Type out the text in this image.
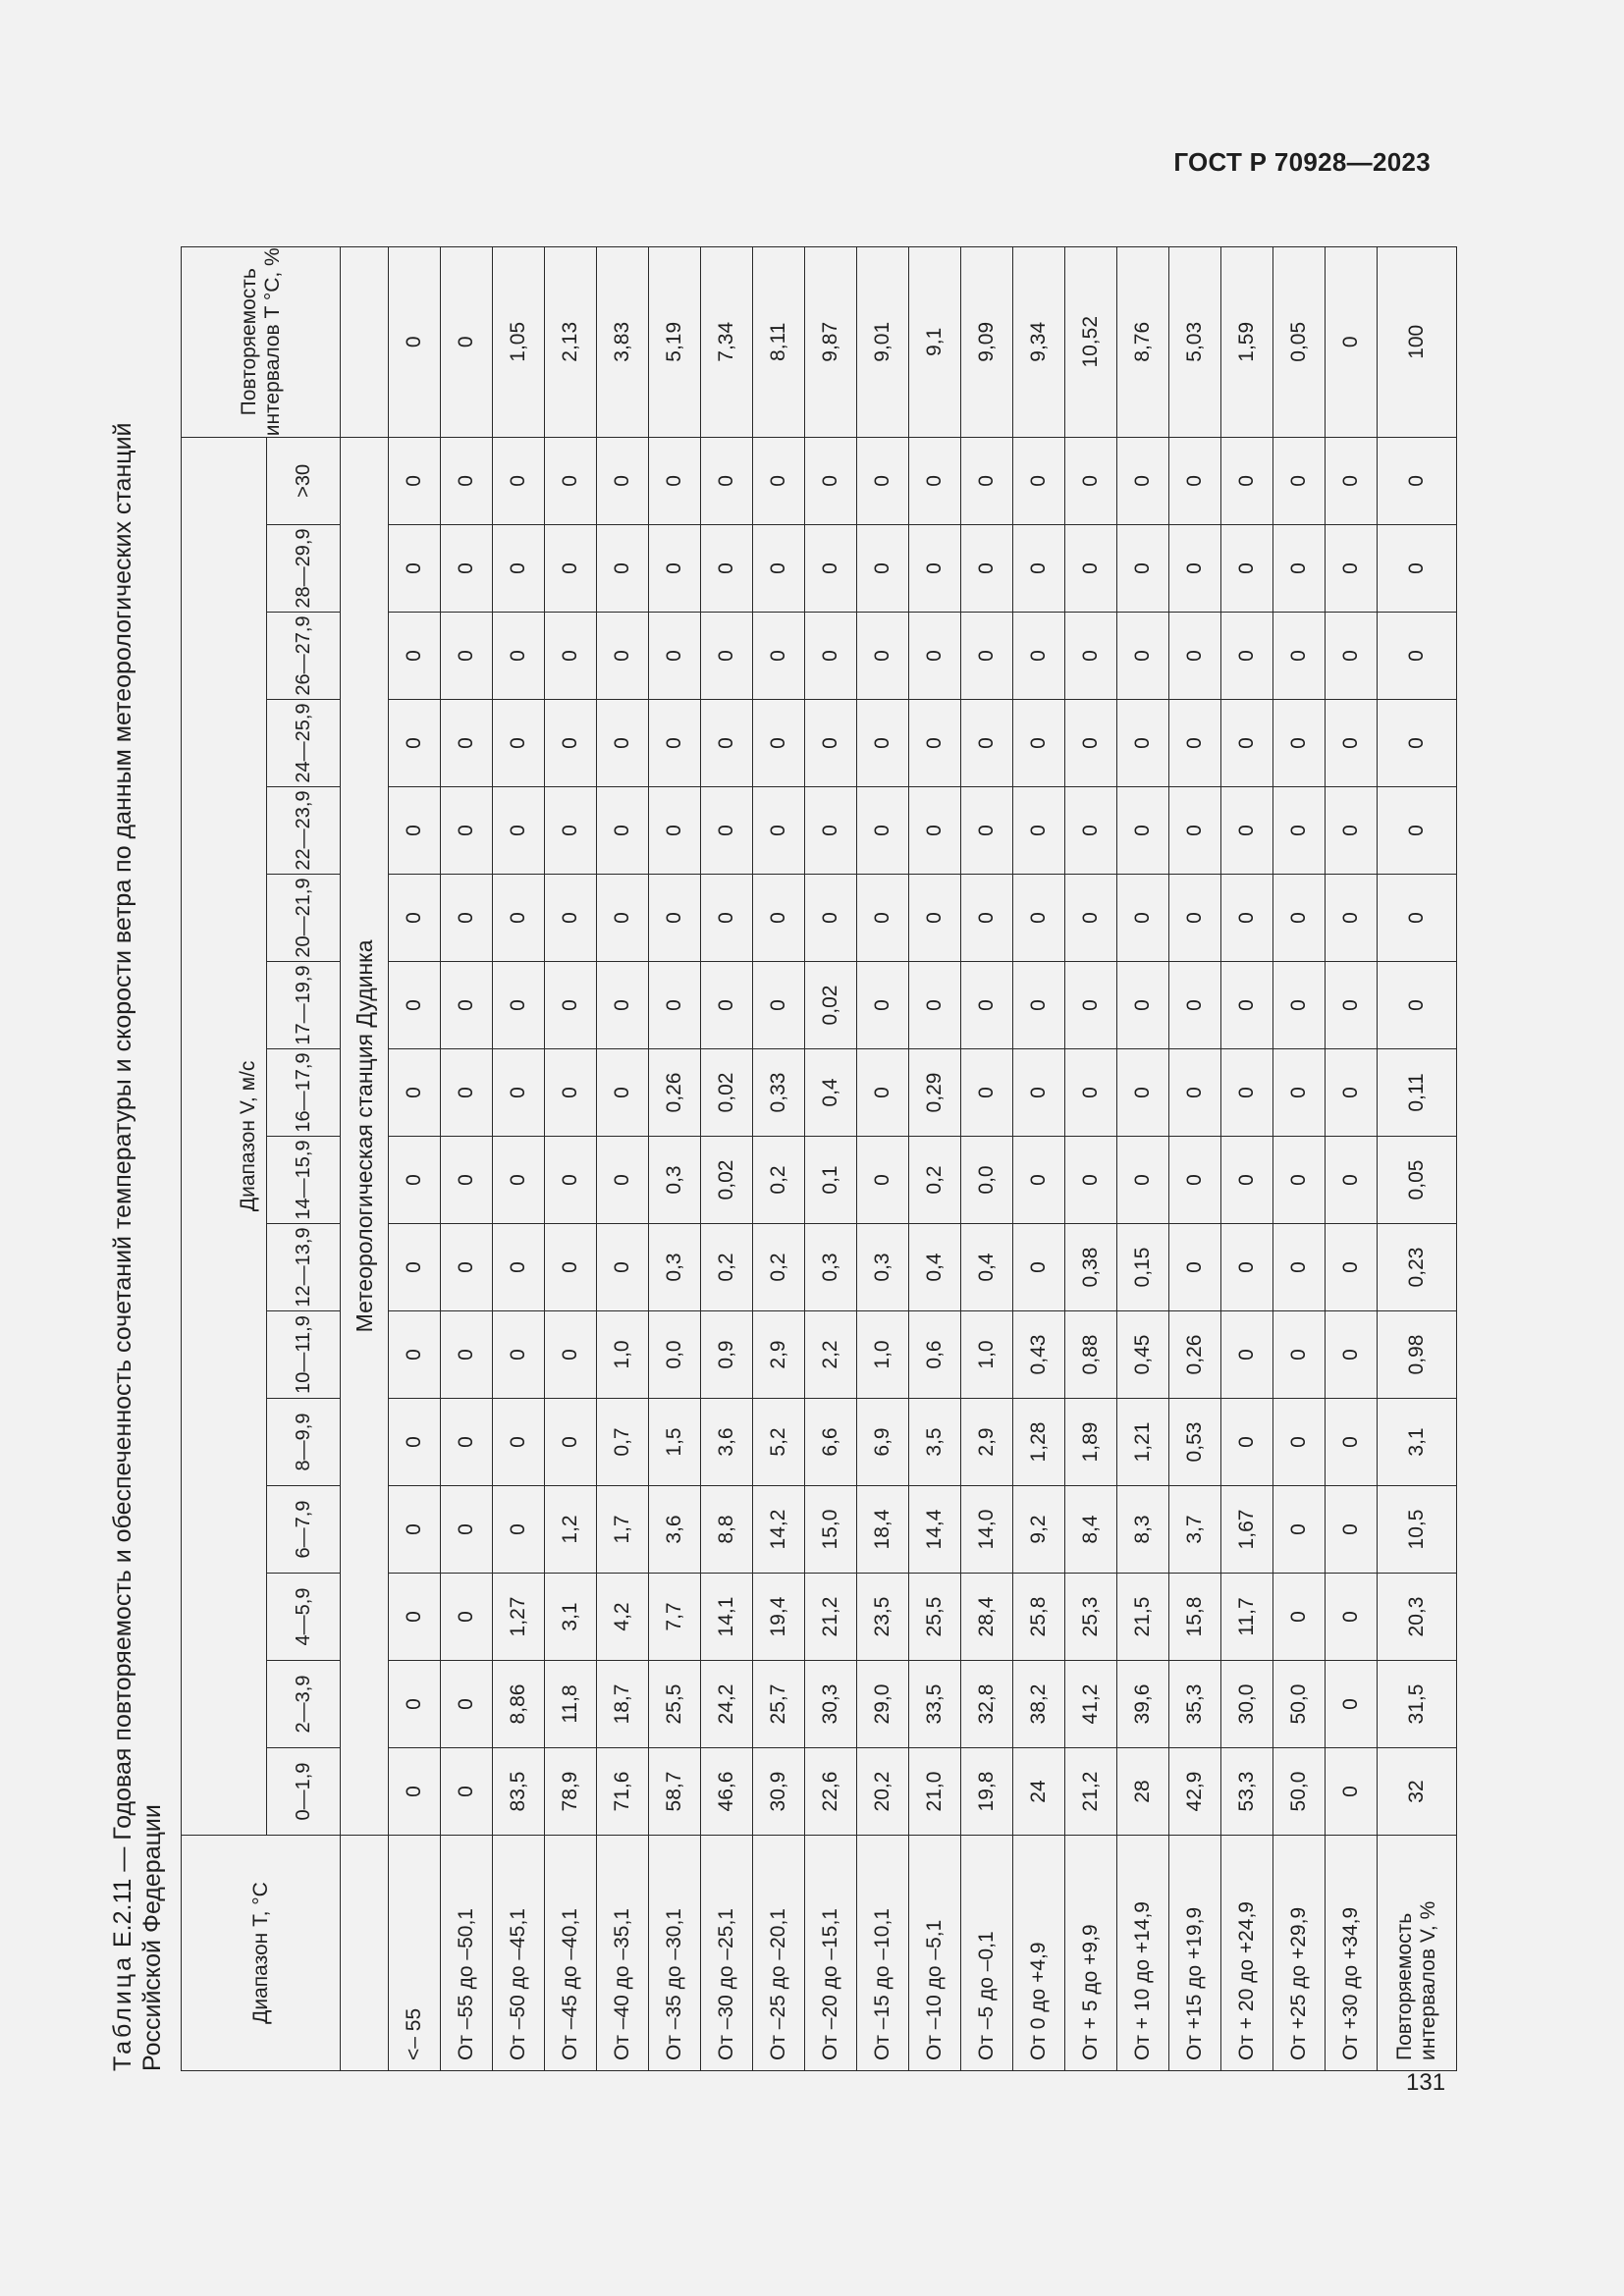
ГОСТ Р 70928—2023
Таблица Е.2.11 — Годовая повторяемость и обеспеченность сочетаний температуры и скорости ветра по данным метеорологических станций Российской Федерации	Диапазон T, °C	Диапазон V, м/с																Повторяемость интервалов T °C, %
	0—1,9	2—3,9	4—5,9	6—7,9	8—9,9	10—11,9	12—13,9	14—15,9	16—17,9	17—19,9	20—21,9	22—23,9	24—25,9	26—27,9	28—29,9	>30	
	Метеорологическая станция Дудинка																
<– 55	0	0	0	0	0	0	0	0	0	0	0	0	0	0	0	0	0
От –55 до –50,1	0	0	0	0	0	0	0	0	0	0	0	0	0	0	0	0	0
От –50 до –45,1	83,5	8,86	1,27	0	0	0	0	0	0	0	0	0	0	0	0	0	1,05
От –45 до –40,1	78,9	11,8	3,1	1,2	0	0	0	0	0	0	0	0	0	0	0	0	2,13
От –40 до –35,1	71,6	18,7	4,2	1,7	0,7	1,0	0	0	0	0	0	0	0	0	0	0	3,83
От –35 до –30,1	58,7	25,5	7,7	3,6	1,5	0,0	0,3	0,3	0,26	0	0	0	0	0	0	0	5,19
От –30 до –25,1	46,6	24,2	14,1	8,8	3,6	0,9	0,2	0,02	0,02	0	0	0	0	0	0	0	7,34
От –25 до –20,1	30,9	25,7	19,4	14,2	5,2	2,9	0,2	0,2	0,33	0	0	0	0	0	0	0	8,11
От –20 до –15,1	22,6	30,3	21,2	15,0	6,6	2,2	0,3	0,1	0,4	0,02	0	0	0	0	0	0	9,87
От –15 до –10,1	20,2	29,0	23,5	18,4	6,9	1,0	0,3	0	0	0	0	0	0	0	0	0	9,01
От –10 до –5,1	21,0	33,5	25,5	14,4	3,5	0,6	0,4	0,2	0,29	0	0	0	0	0	0	0	9,1
От –5 до –0,1	19,8	32,8	28,4	14,0	2,9	1,0	0,4	0,0	0	0	0	0	0	0	0	0	9,09
От 0 до +4,9	24	38,2	25,8	9,2	1,28	0,43	0	0	0	0	0	0	0	0	0	0	9,34
От + 5 до +9,9	21,2	41,2	25,3	8,4	1,89	0,88	0,38	0	0	0	0	0	0	0	0	0	10,52
От + 10 до +14,9	28	39,6	21,5	8,3	1,21	0,45	0,15	0	0	0	0	0	0	0	0	0	8,76
От +15 до +19,9	42,9	35,3	15,8	3,7	0,53	0,26	0	0	0	0	0	0	0	0	0	0	5,03
От + 20 до +24,9	53,3	30,0	11,7	1,67	0	0	0	0	0	0	0	0	0	0	0	0	1,59
От +25 до +29,9	50,0	50,0	0	0	0	0	0	0	0	0	0	0	0	0	0	0	0,05
От +30 до +34,9	0	0	0	0	0	0	0	0	0	0	0	0	0	0	0	0	0
Повторяемость интервалов V, %	32	31,5	20,3	10,5	3,1	0,98	0,23	0,05	0,11	0	0	0	0	0	0	0	100
131
